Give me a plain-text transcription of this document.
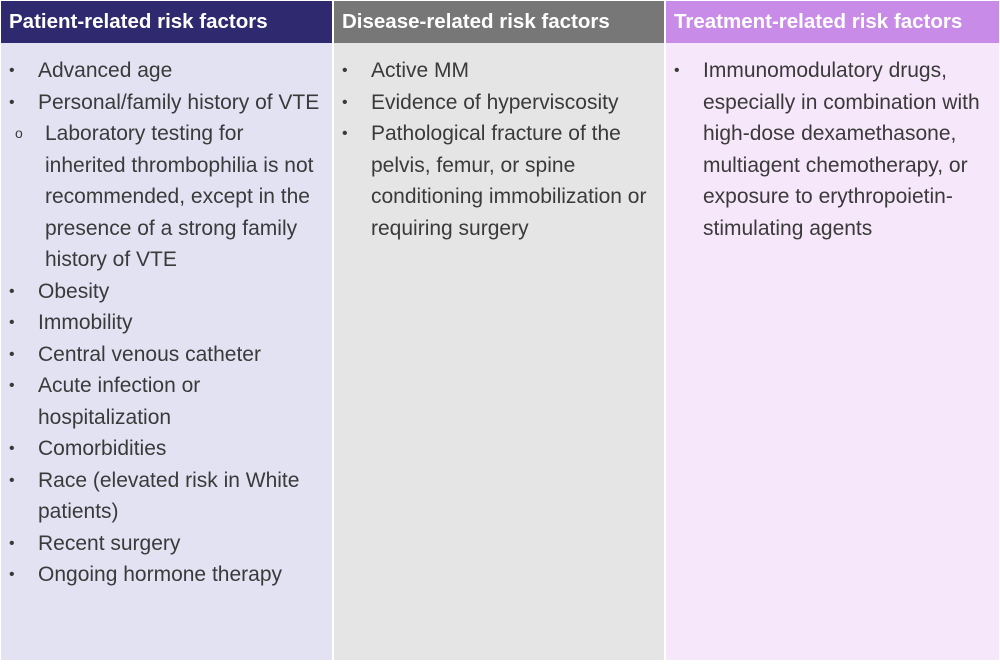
Patient-related risk factors
•	Advanced age
•	Personal/family history of VTE
o Laboratory testing for inherited thrombophilia is not recommended, except in the presence of a strong family history of VTE
•	Obesity
•	Immobility
•	Central venous catheter
•	Acute infection or hospitalization
•	Comorbidities
•	Race (elevated risk in White patients)
•	Recent surgery
•	Ongoing hormone therapy
Disease-related risk factors
•	Active MM
•	Evidence of hyperviscosity
•	Pathological fracture of the pelvis, femur, or spine conditioning immobilization or requiring surgery
Treatment-related risk factors
•	Immunomodulatory drugs, especially in combination with high-dose dexamethasone, multiagent chemotherapy, or exposure to erythropoietin-stimulating agents
